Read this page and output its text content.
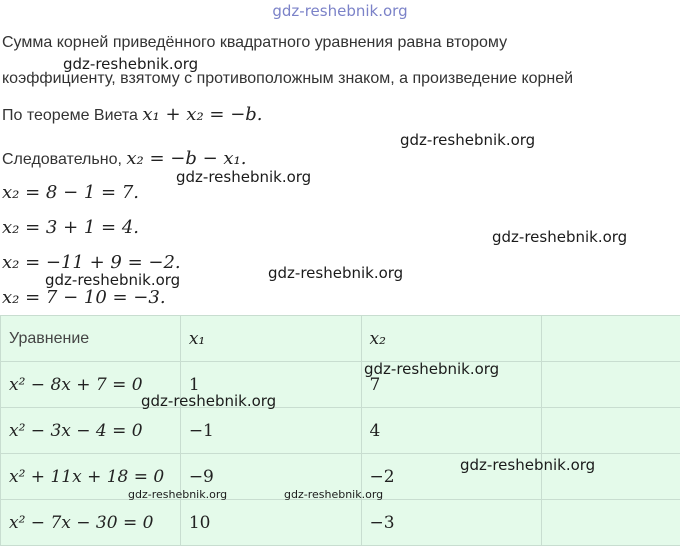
gdz-reshebnik.org
Сумма корней приведённого квадратного уравнения равна второму
коэффициенту, взятому с противоположным знаком, а произведение корней
По теореме Виета x₁ + x₂ = −b.
Следовательно, x₂ = −b − x₁.
x₂ = 8 − 1 = 7.
x₂ = 3 + 1 = 4.
x₂ = −11 + 9 = −2.
x₂ = 7 − 10 = −3.
Уравнение	x₁	x₂	
x² − 8x + 7 = 0	1	7	
x² − 3x − 4 = 0	−1	4	
x² + 11x + 18 = 0	−9	−2	
x² − 7x − 30 = 0	10	−3	
gdz-reshebnik.org
gdz-reshebnik.org
gdz-reshebnik.org
gdz-reshebnik.org
gdz-reshebnik.org
gdz-reshebnik.org
gdz-reshebnik.org
gdz-reshebnik.org
gdz-reshebnik.org
gdz-reshebnik.org	gdz-reshebnik.org
